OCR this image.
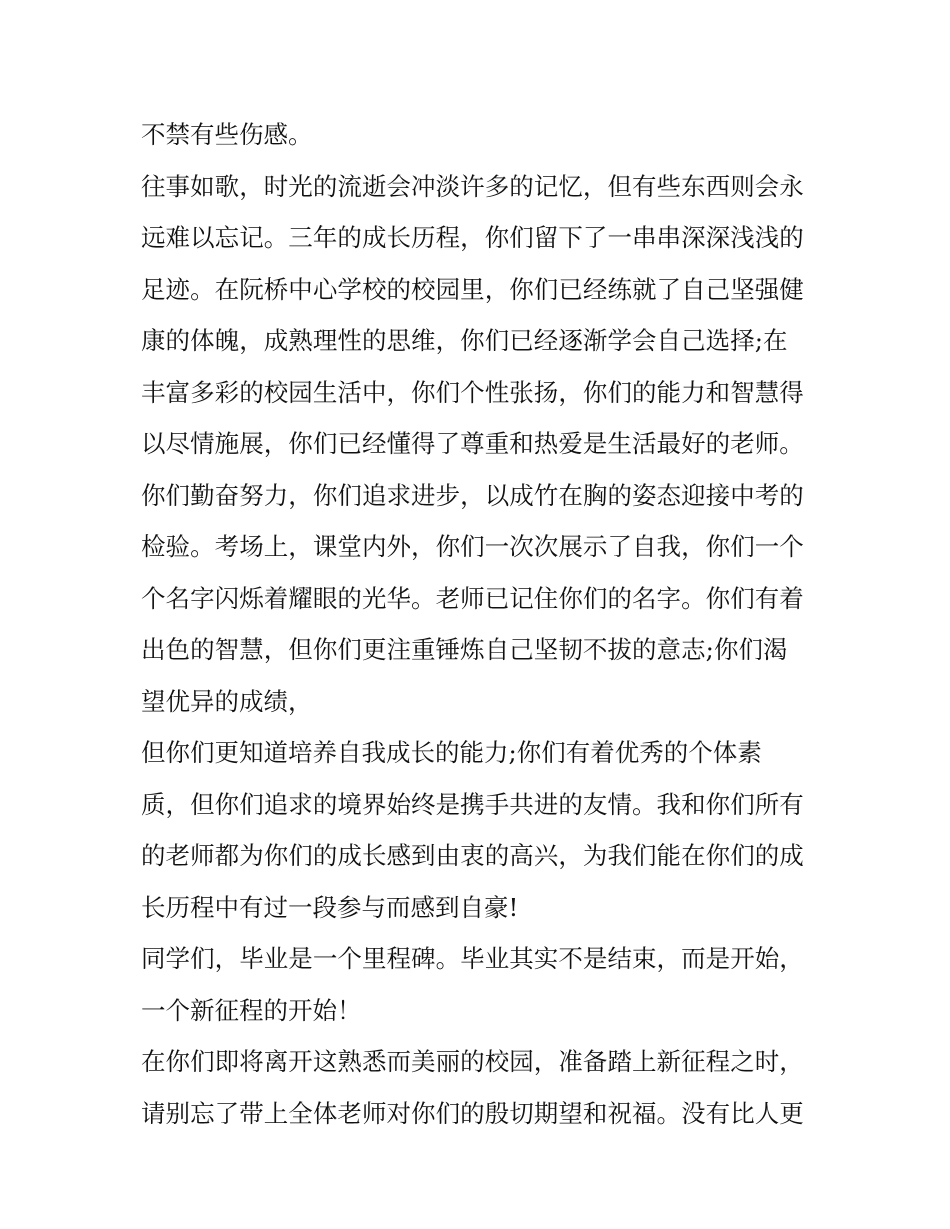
不禁有些伤感。
往事如歌，时光的流逝会冲淡许多的记忆，但有些东西则会永
远难以忘记。三年的成长历程，你们留下了一串串深深浅浅的
足迹。在阮桥中心学校的校园里，你们已经练就了自己坚强健
康的体魄，成熟理性的思维，你们已经逐渐学会自己选择;在
丰富多彩的校园生活中，你们个性张扬，你们的能力和智慧得
以尽情施展，你们已经懂得了尊重和热爱是生活最好的老师。
你们勤奋努力，你们追求进步，以成竹在胸的姿态迎接中考的
检验。考场上，课堂内外，你们一次次展示了自我，你们一个
个名字闪烁着耀眼的光华。老师已记住你们的名字。你们有着
出色的智慧，但你们更注重锤炼自己坚韧不拔的意志;你们渴
望优异的成绩，
但你们更知道培养自我成长的能力;你们有着优秀的个体素
质，但你们追求的境界始终是携手共进的友情。我和你们所有
的老师都为你们的成长感到由衷的高兴，为我们能在你们的成
长历程中有过一段参与而感到自豪!
同学们，毕业是一个里程碑。毕业其实不是结束，而是开始，
一个新征程的开始！
在你们即将离开这熟悉而美丽的校园，准备踏上新征程之时，
请别忘了带上全体老师对你们的殷切期望和祝福。没有比人更
